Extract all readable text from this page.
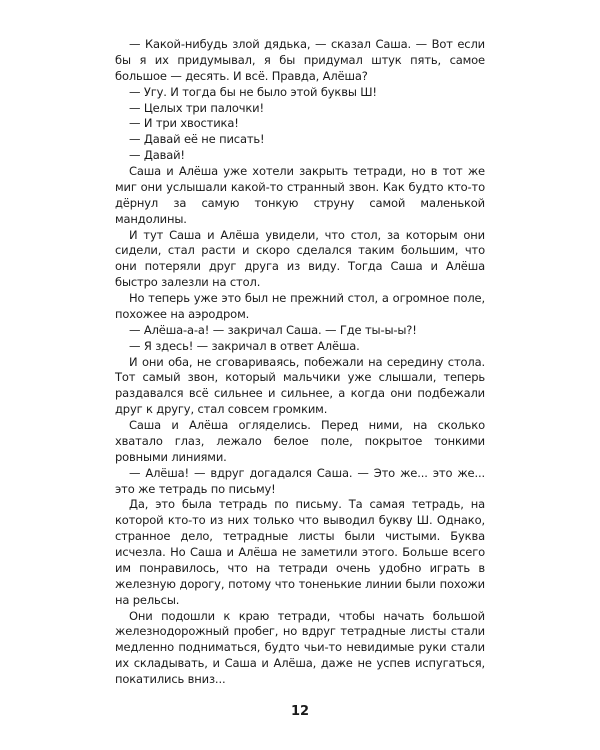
— Какой-нибудь злой дядька, — сказал Саша. — Вот если бы я их придумывал, я бы придумал штук пять, самое большое — десять. И всё. Правда, Алёша?

— Угу. И тогда бы не было этой буквы Ш!

— Целых три палочки!

— И три хвостика!

— Давай её не писать!

— Давай!

Саша и Алёша уже хотели закрыть тетради, но в тот же миг они услышали какой-то странный звон. Как будто кто-то дёрнул за самую тонкую струну самой маленькой мандолины.

И тут Саша и Алёша увидели, что стол, за которым они сидели, стал расти и скоро сделался таким большим, что они потеряли друг друга из виду. Тогда Саша и Алёша быстро залезли на стол.

Но теперь уже это был не прежний стол, а огромное поле, похожее на аэродром.

— Алёша-а-а! — закричал Саша. — Где ты-ы-ы?!

— Я здесь! — закричал в ответ Алёша.

И они оба, не сговариваясь, побежали на середину стола. Тот самый звон, который мальчики уже слышали, теперь раздавался всё сильнее и сильнее, а когда они подбежали друг к другу, стал совсем громким.

Саша и Алёша огляделись. Перед ними, на сколько хватало глаз, лежало белое поле, покрытое тонкими ровными линиями.

— Алёша! — вдруг догадался Саша. — Это же... это же... это же тетрадь по письму!

Да, это была тетрадь по письму. Та самая тетрадь, на которой кто-то из них только что выводил букву Ш. Однако, странное дело, тетрадные листы были чистыми. Буква исчезла. Но Саша и Алёша не заметили этого. Больше всего им понравилось, что на тетради очень удобно играть в железную дорогу, потому что тоненькие линии были похожи на рельсы.

Они подошли к краю тетради, чтобы начать большой железнодорожный пробег, но вдруг тетрадные листы стали медленно подниматься, будто чьи-то невидимые руки стали их складывать, и Саша и Алёша, даже не успев испугаться, покатились вниз...

12
